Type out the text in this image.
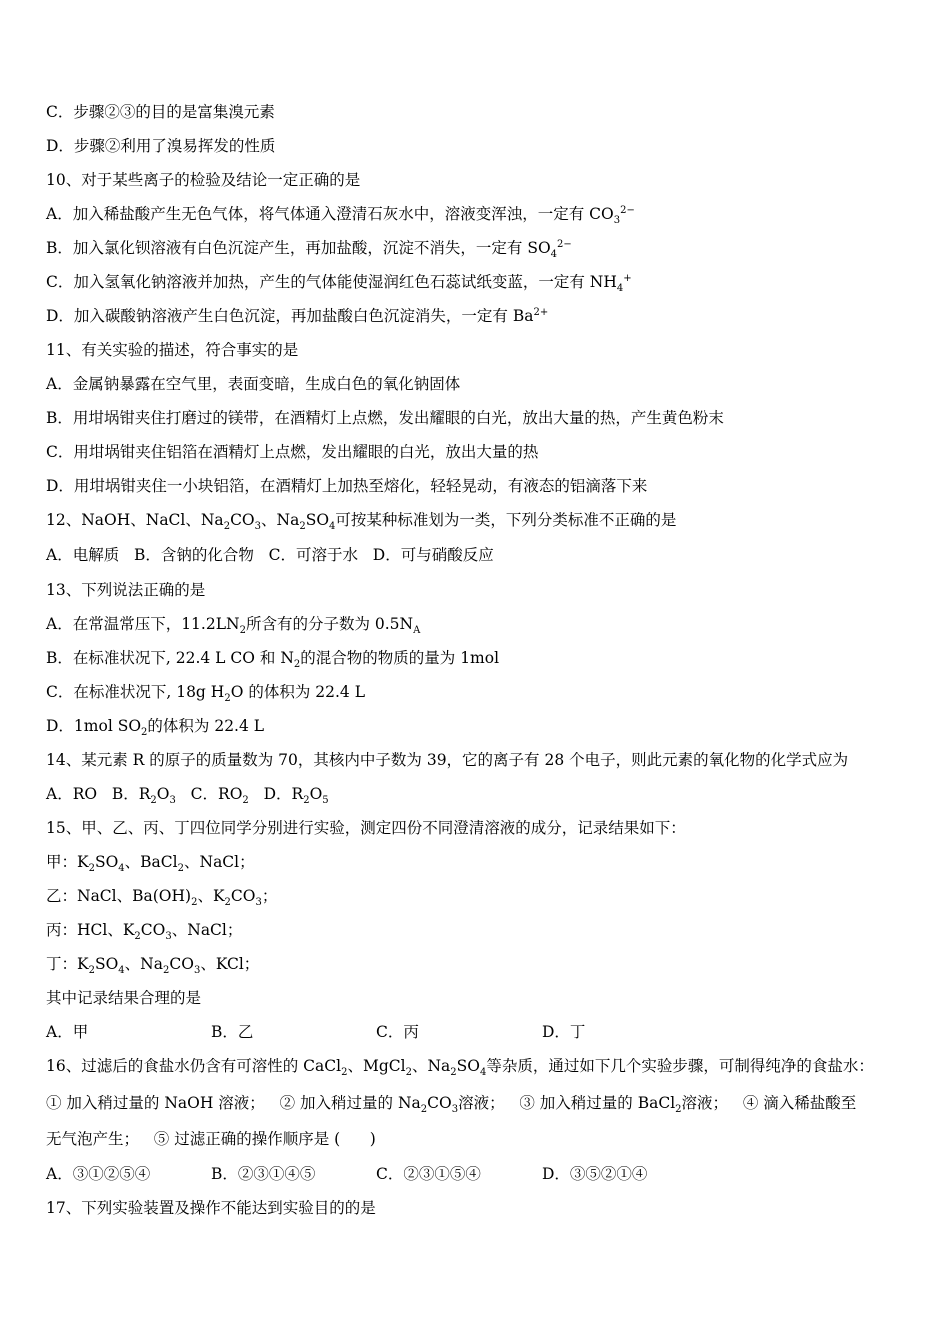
C．步骤②③的目的是富集溴元素
D．步骤②利用了溴易挥发的性质
10、对于某些离子的检验及结论一定正确的是
A．加入稀盐酸产生无色气体，将气体通入澄清石灰水中，溶液变浑浊，一定有 $CO_3^{2-}$
B．加入氯化钡溶液有白色沉淀产生，再加盐酸，沉淀不消失，一定有 $SO_4^{2-}$
C．加入氢氧化钠溶液并加热，产生的气体能使湿润红色石蕊试纸变蓝，一定有 $NH_4^+$
D．加入碳酸钠溶液产生白色沉淀，再加盐酸白色沉淀消失，一定有 $Ba^{2+}$
11、有关实验的描述，符合事实的是
A．金属钠暴露在空气里，表面变暗，生成白色的氧化钠固体
B．用坩埚钳夹住打磨过的镁带，在酒精灯上点燃，发出耀眼的白光，放出大量的热，产生黄色粉末
C．用坩埚钳夹住铝箔在酒精灯上点燃，发出耀眼的白光，放出大量的热
D．用坩埚钳夹住一小块铝箔，在酒精灯上加热至熔化，轻轻晃动，有液态的铝滴落下来
12、NaOH、NaCl、$Na_2CO_3$、$Na_2SO_4$可按某种标准划为一类，下列分类标准不正确的是
A．电解质   B．含钠的化合物   C．可溶于水   D．可与硝酸反应
13、下列说法正确的是
A．在常温常压下，$11.2LN_2$所含有的分子数为 $0.5N_A$
B．在标准状况下, 22.4 L CO 和 $N_2$的混合物的物质的量为 1mol
C．在标准状况下, 18g $H_2O$ 的体积为 22.4 L
D．1mol $SO_2$的体积为 22.4 L
14、某元素 R 的原子的质量数为 70，其核内中子数为 39，它的离子有 28 个电子，则此元素的氧化物的化学式应为
A．RO   B．$R_2O_3$   C．$RO_2$   D．$R_2O_5$
15、甲、乙、丙、丁四位同学分别进行实验，测定四份不同澄清溶液的成分，记录结果如下：
甲：$K_2SO_4$、BaCl$_2$、NaCl；
乙：NaCl、$Ba(OH)_2$、$K_2CO_3$；
丙：HCl、$K_2CO_3$、NaCl；
丁：$K_2SO_4$、$Na_2CO_3$、KCl；
其中记录结果合理的是
A．甲	B．乙	C．丙	D．丁
16、过滤后的食盐水仍含有可溶性的 CaCl$_2$、MgCl$_2$、$Na_2SO_4$等杂质，通过如下几个实验步骤，可制得纯净的食盐水：
① 加入稍过量的 NaOH 溶液；   ② 加入稍过量的 $Na_2CO_3$溶液；   ③ 加入稍过量的 BaCl$_2$溶液；   ④ 滴入稀盐酸至
无气泡产生；   ⑤ 过滤正确的操作顺序是 (      )
A．③①②⑤④	B．②③①④⑤	C．②③①⑤④	D．③⑤②①④
17、下列实验装置及操作不能达到实验目的的是
